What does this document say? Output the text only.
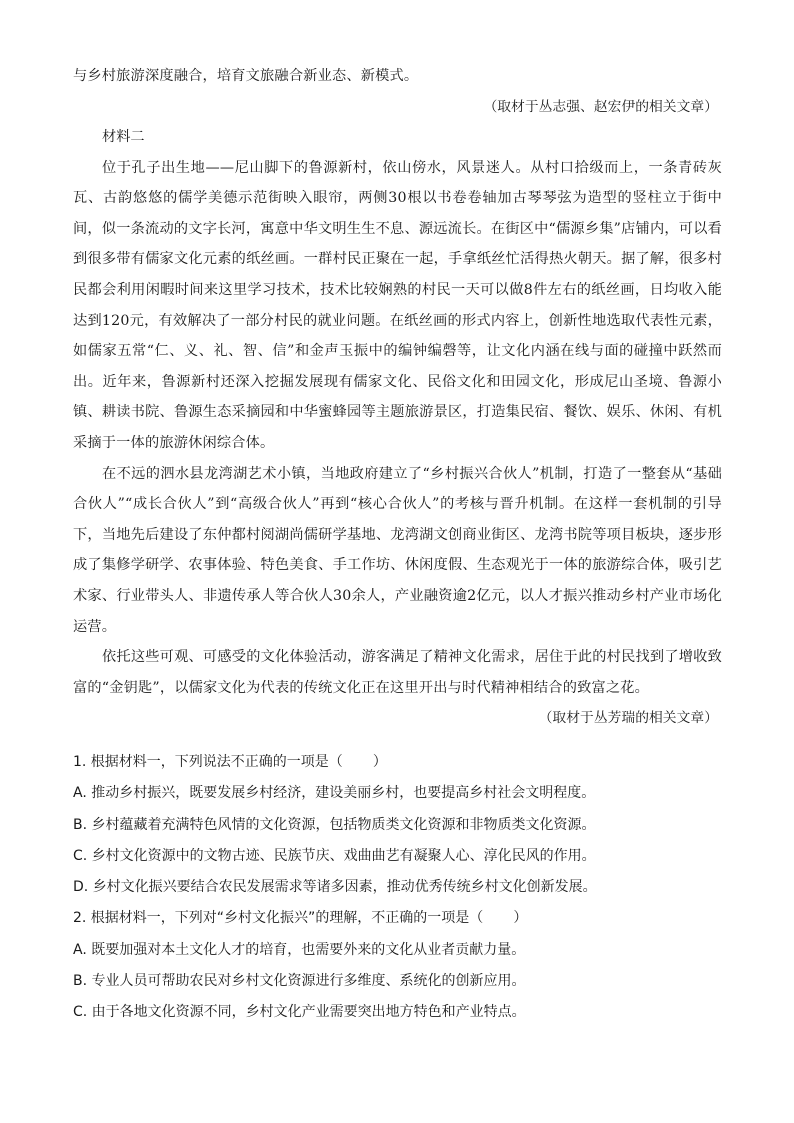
与乡村旅游深度融合，培育文旅融合新业态、新模式。

（取材于丛志强、赵宏伊的相关文章）

材料二

位于孔子出生地——尼山脚下的鲁源新村，依山傍水，风景迷人。从村口拾级而上，一条青砖灰瓦、古韵悠悠的儒学美德示范街映入眼帘，两侧30根以书卷卷轴加古琴琴弦为造型的竖柱立于街中间，似一条流动的文字长河，寓意中华文明生生不息、源远流长。在街区中“儒源乡集”店铺内，可以看到很多带有儒家文化元素的纸丝画。一群村民正聚在一起，手拿纸丝忙活得热火朝天。据了解，很多村民都会利用闲暇时间来这里学习技术，技术比较娴熟的村民一天可以做8件左右的纸丝画，日均收入能达到120元，有效解决了一部分村民的就业问题。在纸丝画的形式内容上，创新性地选取代表性元素，如儒家五常“仁、义、礼、智、信”和金声玉振中的编钟编磬等，让文化内涵在线与面的碰撞中跃然而出。近年来，鲁源新村还深入挖掘发展现有儒家文化、民俗文化和田园文化，形成尼山圣境、鲁源小镇、耕读书院、鲁源生态采摘园和中华蜜蜂园等主题旅游景区，打造集民宿、餐饮、娱乐、休闲、有机采摘于一体的旅游休闲综合体。

在不远的泗水县龙湾湖艺术小镇，当地政府建立了“乡村振兴合伙人”机制，打造了一整套从“基础合伙人”“成长合伙人”到“高级合伙人”再到“核心合伙人”的考核与晋升机制。在这样一套机制的引导下，当地先后建设了东仲都村阅湖尚儒研学基地、龙湾湖文创商业街区、龙湾书院等项目板块，逐步形成了集修学研学、农事体验、特色美食、手工作坊、休闲度假、生态观光于一体的旅游综合体，吸引艺术家、行业带头人、非遗传承人等合伙人30余人，产业融资逾2亿元，以人才振兴推动乡村产业市场化运营。

依托这些可观、可感受的文化体验活动，游客满足了精神文化需求，居住于此的村民找到了增收致富的“金钥匙”，以儒家文化为代表的传统文化正在这里开出与时代精神相结合的致富之花。

（取材于丛芳瑞的相关文章）

1. 根据材料一，下列说法不正确的一项是（ ）

A. 推动乡村振兴，既要发展乡村经济，建设美丽乡村，也要提高乡村社会文明程度。

B. 乡村蕴藏着充满特色风情的文化资源，包括物质类文化资源和非物质类文化资源。

C. 乡村文化资源中的文物古迹、民族节庆、戏曲曲艺有凝聚人心、淳化民风的作用。

D. 乡村文化振兴要结合农民发展需求等诸多因素，推动优秀传统乡村文化创新发展。

2. 根据材料一，下列对“乡村文化振兴”的理解，不正确的一项是（ ）

A. 既要加强对本土文化人才的培育，也需要外来的文化从业者贡献力量。

B. 专业人员可帮助农民对乡村文化资源进行多维度、系统化的创新应用。

C. 由于各地文化资源不同，乡村文化产业需要突出地方特色和产业特点。
